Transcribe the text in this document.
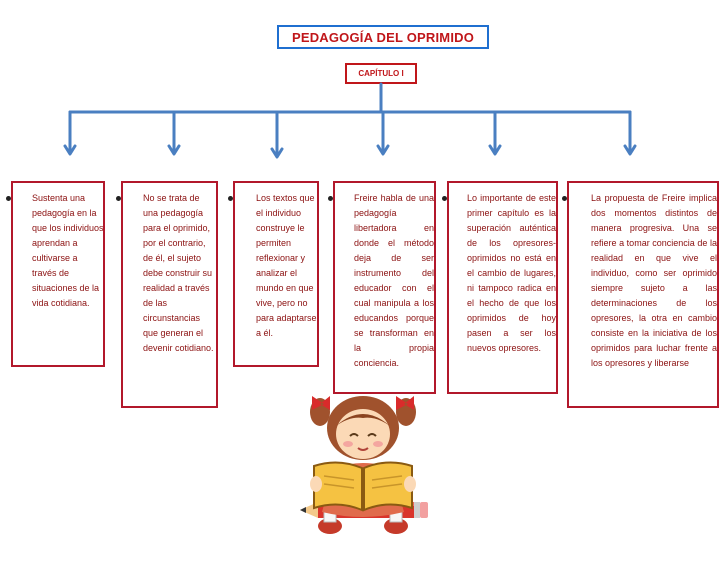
PEDAGOGÍA DEL OPRIMIDO
CAPÍTULO I
Sustenta una pedagogía en la que los individuos aprendan a cultivarse a través de situaciones de la vida cotidiana.
No se trata de una pedagogía para el oprimido, por el contrario, de él, el sujeto debe construir su realidad a través de las circunstancias que generan el devenir cotidiano.
Los textos que el individuo construye le permiten reflexionar y analizar el mundo en que vive, pero no para adaptarse a él.
Freire habla de una pedagogía libertadora en donde el método deja de ser instrumento del educador con el cual manipula a los educandos porque se transforman en la propia conciencia.
Lo importante de este primer capítulo es la superación auténtica de los opresores-oprimidos no está en el cambio de lugares, ni tampoco radica en el hecho de que los oprimidos de hoy pasen a ser los nuevos opresores.
La propuesta de Freire implica dos momentos distintos de manera progresiva. Una se refiere a tomar conciencia de la realidad en que vive el individuo, como ser oprimido siempre sujeto a las determinaciones de los opresores, la otra en cambio consiste en la iniciativa de los oprimidos para luchar frente a los opresores y liberarse
